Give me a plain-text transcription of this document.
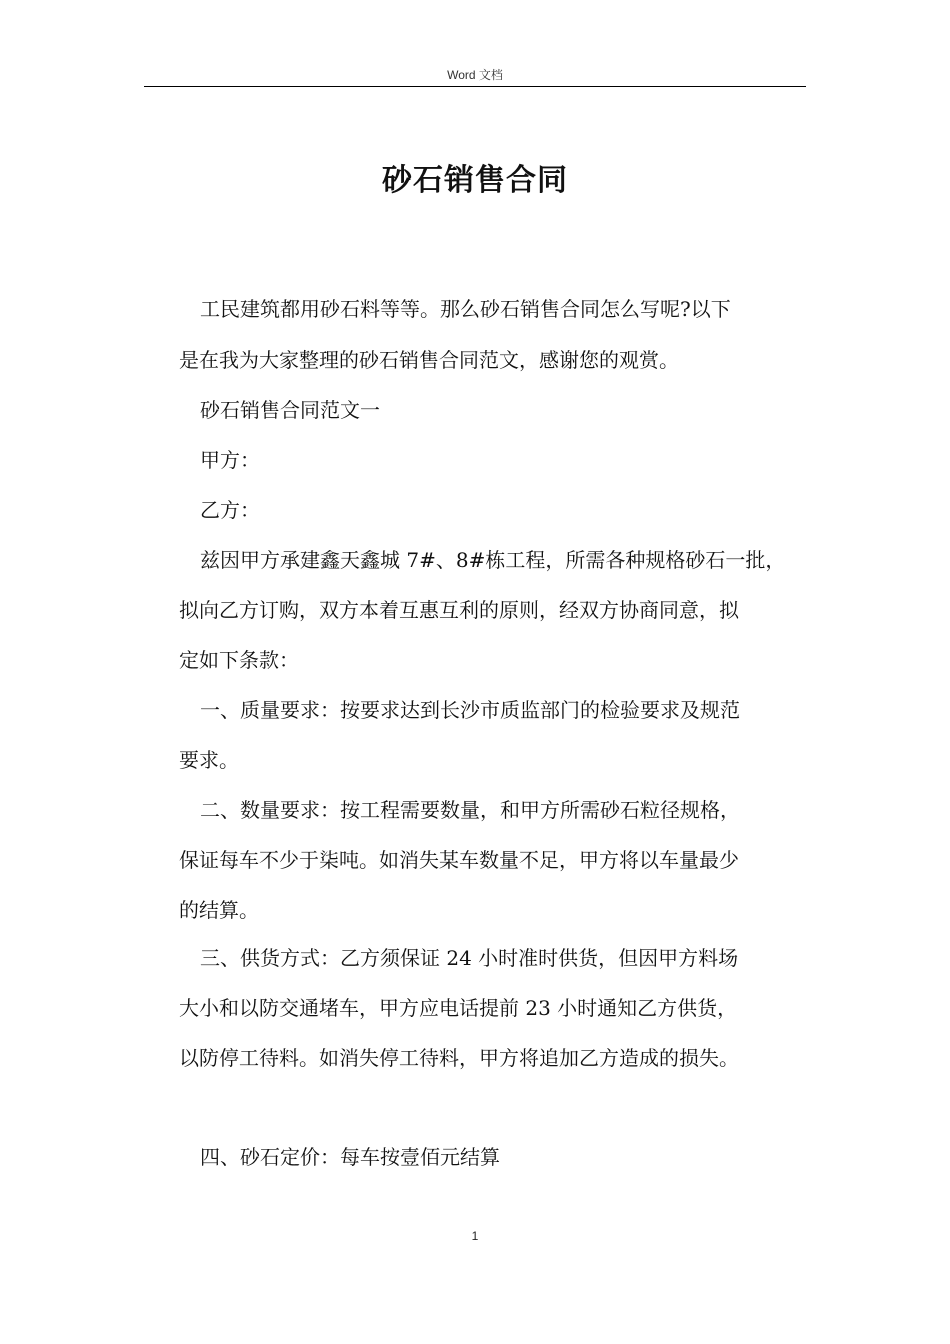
Word 文档
砂石销售合同
工民建筑都用砂石料等等。那么砂石销售合同怎么写呢?以下
是在我为大家整理的砂石销售合同范文，感谢您的观赏。
砂石销售合同范文一
甲方：
乙方：
兹因甲方承建鑫天鑫城 7#、8#栋工程，所需各种规格砂石一批，
拟向乙方订购，双方本着互惠互利的原则，经双方协商同意，拟
定如下条款：
一、质量要求：按要求达到长沙市质监部门的检验要求及规范
要求。
二、数量要求：按工程需要数量，和甲方所需砂石粒径规格，
保证每车不少于柒吨。如消失某车数量不足，甲方将以车量最少
的结算。
三、供货方式：乙方须保证 24 小时准时供货，但因甲方料场
大小和以防交通堵车，甲方应电话提前 23 小时通知乙方供货，
以防停工待料。如消失停工待料，甲方将追加乙方造成的损失。
四、砂石定价：每车按壹佰元结算
1
